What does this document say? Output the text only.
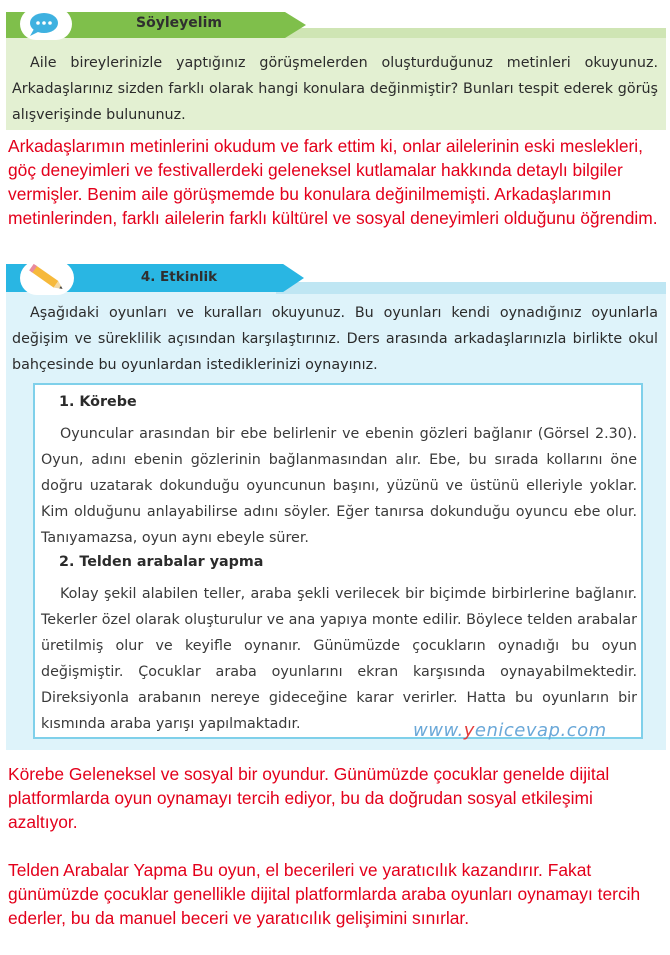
Söyleyelim

Aile bireylerinizle yaptığınız görüşmelerden oluşturduğunuz metinleri okuyunuz. Arkadaşlarınız sizden farklı olarak hangi konulara değinmiştir? Bunları tespit ederek görüş alışverişinde bulununuz.

Arkadaşlarımın metinlerini okudum ve fark ettim ki, onlar ailelerinin eski meslekleri, göç deneyimleri ve festivallerdeki geleneksel kutlamalar hakkında detaylı bilgiler vermişler. Benim aile görüşmemde bu konulara değinilmemişti. Arkadaşlarımın metinlerinden, farklı ailelerin farklı kültürel ve sosyal deneyimleri olduğunu öğrendim.

4. Etkinlik

Aşağıdaki oyunları ve kuralları okuyunuz. Bu oyunları kendi oynadığınız oyunlarla değişim ve süreklilik açısından karşılaştırınız. Ders arasında arkadaşlarınızla birlikte okul bahçesinde bu oyunlardan istediklerinizi oynayınız.

1. Körebe

Oyuncular arasından bir ebe belirlenir ve ebenin gözleri bağlanır (Görsel 2.30). Oyun, adını ebenin gözlerinin bağlanmasından alır. Ebe, bu sırada kollarını öne doğru uzatarak dokunduğu oyuncunun başını, yüzünü ve üstünü elleriyle yoklar. Kim olduğunu anlayabilirse adını söyler. Eğer tanırsa dokunduğu oyuncu ebe olur. Tanıyamazsa, oyun aynı ebeyle sürer.

2. Telden arabalar yapma

Kolay şekil alabilen teller, araba şekli verilecek bir biçimde birbirlerine bağlanır. Tekerler özel olarak oluşturulur ve ana yapıya monte edilir. Böylece telden arabalar üretilmiş olur ve keyifle oynanır. Günümüzde çocukların oynadığı bu oyun değişmiştir. Çocuklar araba oyunlarını ekran karşısında oynayabilmektedir. Direksiyonla arabanın nereye gideceğine karar verirler. Hatta bu oyunların bir kısmında araba yarışı yapılmaktadır.	www.yenicevap.com

Körebe Geleneksel ve sosyal bir oyundur. Günümüzde çocuklar genelde dijital platformlarda oyun oynamayı tercih ediyor, bu da doğrudan sosyal etkileşimi azaltıyor.

Telden Arabalar Yapma Bu oyun, el becerileri ve yaratıcılık kazandırır. Fakat günümüzde çocuklar genellikle dijital platformlarda araba oyunları oynamayı tercih ederler, bu da manuel beceri ve yaratıcılık gelişimini sınırlar.
